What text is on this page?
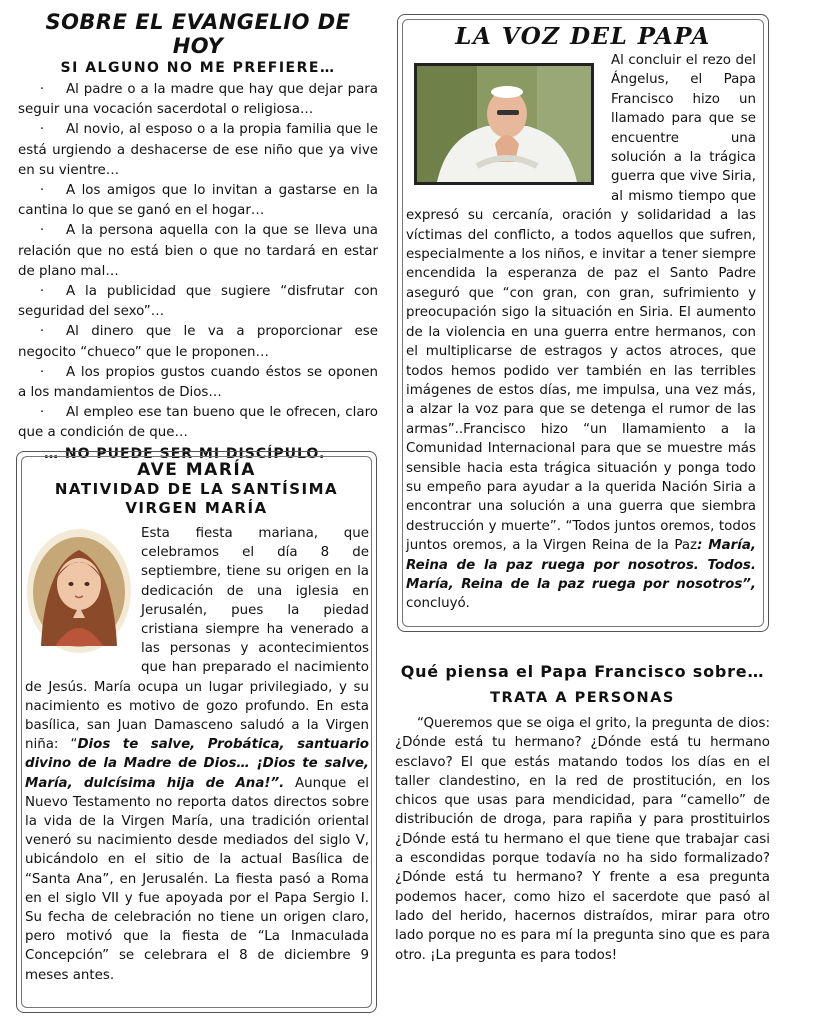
SOBRE EL EVANGELIO DE HOY
SI ALGUNO NO ME PREFIERE…
· Al padre o a la madre que hay que dejar para seguir una vocación sacerdotal o religiosa…
· Al novio, al esposo o a la propia familia que le está urgiendo a deshacerse de ese niño que ya vive en su vientre…
· A los amigos que lo invitan a gastarse en la cantina lo que se ganó en el hogar…
· A la persona aquella con la que se lleva una relación que no está bien o que no tardará en estar de plano mal…
· A la publicidad que sugiere “disfrutar con seguridad del sexo”…
· Al dinero que le va a proporcionar ese negocito “chueco” que le proponen…
· A los propios gustos cuando éstos se oponen a los mandamientos de Dios…
· Al empleo ese tan bueno que le ofrecen, claro que a condición de que…
… NO PUEDE SER MI DISCÍPULO.
LA VOZ DEL PAPA
Al concluir el rezo del Ángelus, el Papa Francisco hizo un llamado para que se encuentre una solución a la trágica guerra que vive Siria, al mismo tiempo que expresó su cercanía, oración y solidaridad a las víctimas del conflicto, a todos aquellos que sufren, especialmente a los niños, e invitar a tener siempre encendida la esperanza de paz el Santo Padre aseguró que “con gran, con gran, sufrimiento y preocupación sigo la situación en Siria. El aumento de la violencia en una guerra entre hermanos, con el multiplicarse de estragos y actos atroces, que todos hemos podido ver también en las terribles imágenes de estos días, me impulsa, una vez más, a alzar la voz para que se detenga el rumor de las armas”..Francisco hizo “un llamamiento a la Comunidad Internacional para que se muestre más sensible hacia esta trágica situación y ponga todo su empeño para ayudar a la querida Nación Siria a encontrar una solución a una guerra que siembra destrucción y muerte”. “Todos juntos oremos, todos juntos oremos, a la Virgen Reina de la Paz: María, Reina de la paz ruega por nosotros. Todos. María, Reina de la paz ruega por nosotros”, concluyó.
AVE MARÍA
NATIVIDAD DE LA SANTÍSIMA
VIRGEN MARÍA
Esta fiesta mariana, que celebramos el día 8 de septiembre, tiene su origen en la dedicación de una iglesia en Jerusalén, pues la piedad cristiana siempre ha venerado a las personas y acontecimientos que han preparado el nacimiento de Jesús. María ocupa un lugar privilegiado, y su nacimiento es motivo de gozo profundo. En esta basílica, san Juan Damasceno saludó a la Virgen niña: “Dios te salve, Probática, santuario divino de la Madre de Dios… ¡Dios te salve, María, dulcísima hija de Ana!”. Aunque el Nuevo Testamento no reporta datos directos sobre la vida de la Virgen María, una tradición oriental veneró su nacimiento desde mediados del siglo V, ubicándolo en el sitio de la actual Basílica de “Santa Ana”, en Jerusalén. La fiesta pasó a Roma en el siglo VII y fue apoyada por el Papa Sergio I. Su fecha de celebración no tiene un origen claro, pero motivó que la fiesta de “La Inmaculada Concepción” se celebrara el 8 de diciembre 9 meses antes.
Qué piensa el Papa Francisco sobre…
TRATA A PERSONAS

“Queremos que se oiga el grito, la pregunta de dios: ¿Dónde está tu hermano? ¿Dónde está tu hermano esclavo? El que estás matando todos los días en el taller clandestino, en la red de prostitución, en los chicos que usas para mendicidad, para “camello” de distribución de droga, para rapiña y para prostituirlos ¿Dónde está tu hermano el que tiene que trabajar casi a escondidas porque todavía no ha sido formalizado? ¿Dónde está tu hermano? Y frente a esa pregunta podemos hacer, como hizo el sacerdote que pasó al lado del herido, hacernos distraídos, mirar para otro lado porque no es para mí la pregunta sino que es para otro. ¡La pregunta es para todos!
